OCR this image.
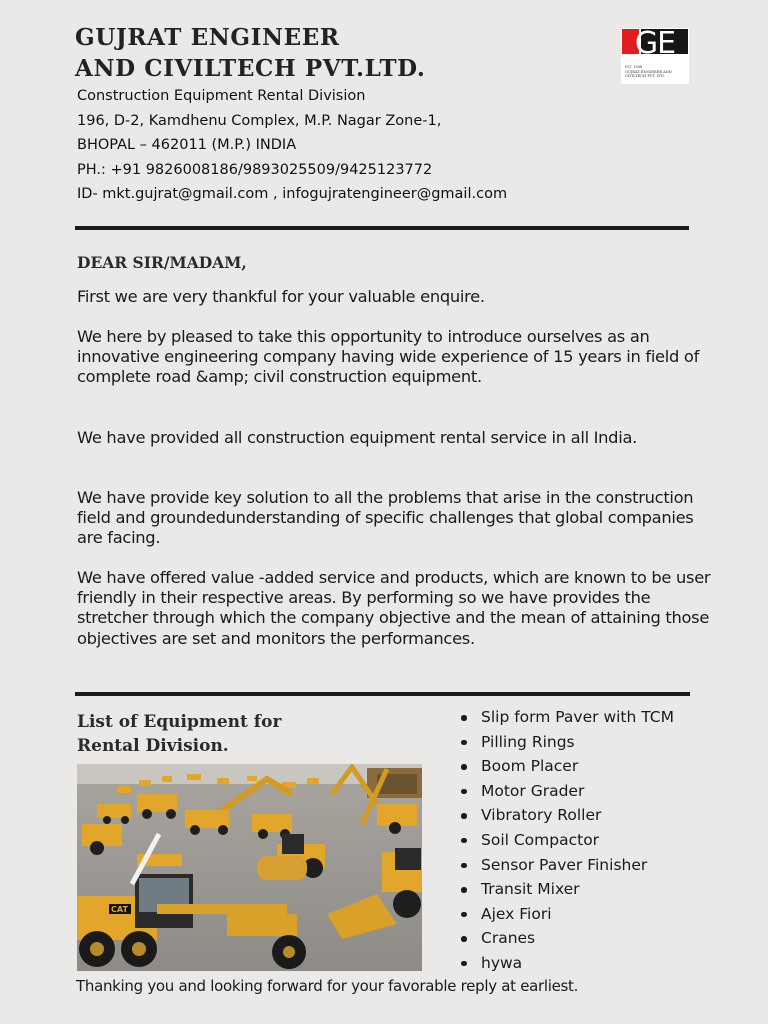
GUJRAT ENGINEER
AND CIVILTECH PVT.LTD.
Construction Equipment Rental Division
196, D-2, Kamdhenu Complex, M.P. Nagar Zone-1,
BHOPAL – 462011 (M.P.) INDIA
PH.: +91 9826008186/9893025509/9425123772
ID- mkt.gujrat@gmail.com , infogujratengineer@gmail.com
GE
EST. 2008
GUJRAT ENGINEER AND CIVILTECH PVT. LTD.
DEAR SIR/MADAM,

First we are very thankful for your valuable enquire.

We here by pleased to take this opportunity to introduce ourselves as an innovative engineering company having wide experience of 15 years in field of complete road &amp; civil construction equipment.

We have provided all construction equipment rental service in all India.

We have provide key solution to all the problems that arise in the construction field and groundedunderstanding of specific challenges that global companies are facing.

We have offered value -added service and products, which are known to be user friendly in their respective areas. By performing so we have provides the stretcher through which the company objective and the mean of attaining those objectives are set and monitors the performances.

List of Equipment for
Rental Division.
CAT
Slip form Paver with TCM
Pilling Rings
Boom Placer
Motor Grader
Vibratory Roller
Soil Compactor
Sensor Paver Finisher
Transit Mixer
Ajex Fiori
Cranes
hywa
Thanking you and looking forward for your favorable reply at earliest.
